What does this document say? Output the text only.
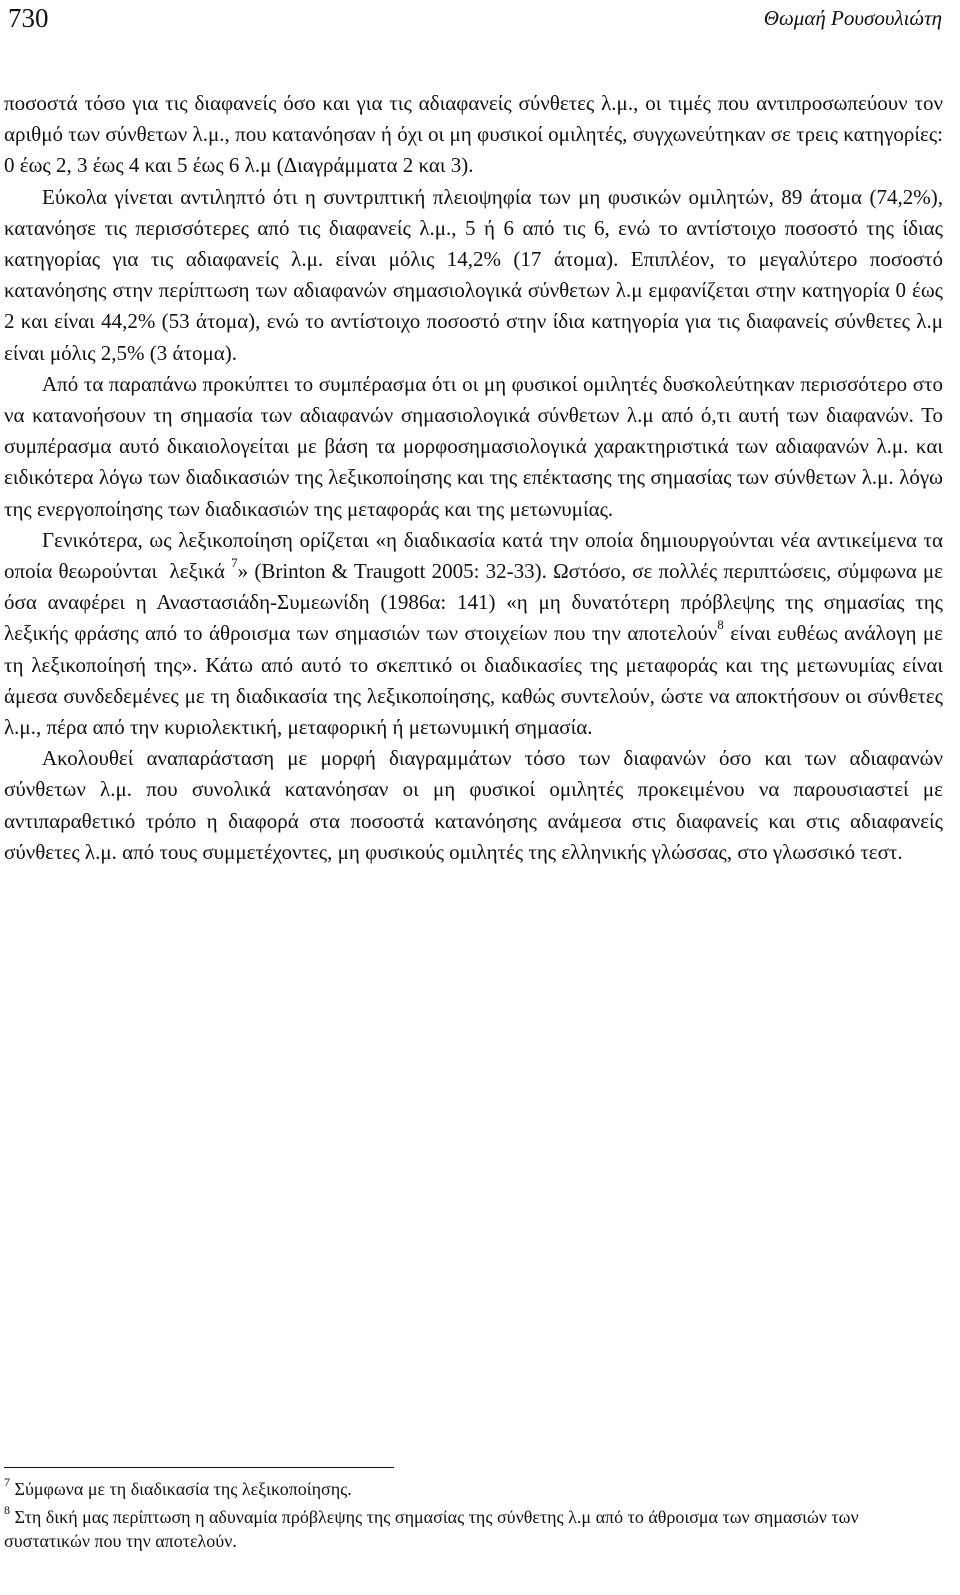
730	Θωμαή Ρουσουλιώτη

ποσοστά τόσο για τις διαφανείς όσο και για τις αδιαφανείς σύνθετες λ.μ., οι τιμές που αντιπροσωπεύουν τον αριθμό των σύνθετων λ.μ., που κατανόησαν ή όχι οι μη φυσικοί ομιλητές, συγχωνεύτηκαν σε τρεις κατηγορίες: 0 έως 2, 3 έως 4 και 5 έως 6 λ.μ (Διαγράμματα 2 και 3).

Εύκολα γίνεται αντιληπτό ότι η συντριπτική πλειοψηφία των μη φυσικών ομιλητών, 89 άτομα (74,2%), κατανόησε τις περισσότερες από τις διαφανείς λ.μ., 5 ή 6 από τις 6, ενώ το αντίστοιχο ποσοστό της ίδιας κατηγορίας για τις αδιαφανείς λ.μ. είναι μόλις 14,2% (17 άτομα). Επιπλέον, το μεγαλύτερο ποσοστό κατανόησης στην περίπτωση των αδιαφανών σημασιολογικά σύνθετων λ.μ εμφανίζεται στην κατηγορία 0 έως 2 και είναι 44,2% (53 άτομα), ενώ το αντίστοιχο ποσοστό στην ίδια κατηγορία για τις διαφανείς σύνθετες λ.μ είναι μόλις 2,5% (3 άτομα).

Από τα παραπάνω προκύπτει το συμπέρασμα ότι οι μη φυσικοί ομιλητές δυσκολεύτηκαν περισσότερο στο να κατανοήσουν τη σημασία των αδιαφανών σημασιολογικά σύνθετων λ.μ από ό,τι αυτή των διαφανών. Το συμπέρασμα αυτό δικαιολογείται με βάση τα μορφοσημασιολογικά χαρακτηριστικά των αδιαφανών λ.μ. και ειδικότερα λόγω των διαδικασιών της λεξικοποίησης και της επέκτασης της σημασίας των σύνθετων λ.μ. λόγω της ενεργοποίησης των διαδικασιών της μεταφοράς και της μετωνυμίας.

Γενικότερα, ως λεξικοποίηση ορίζεται «η διαδικασία κατά την οποία δημιουργούνται νέα αντικείμενα τα οποία θεωρούνται  λεξικά $^7$» (Brinton & Traugott 2005: 32-33). Ωστόσο, σε πολλές περιπτώσεις, σύμφωνα με όσα αναφέρει η Αναστασιάδη-Συμεωνίδη (1986α: 141) «η μη δυνατότερη πρόβλεψης της σημασίας της λεξικής φράσης από το άθροισμα των σημασιών των στοιχείων που την αποτελούν$^8$ είναι ευθέως ανάλογη με τη λεξικοποίησή της». Κάτω από αυτό το σκεπτικό οι διαδικασίες της μεταφοράς και της μετωνυμίας είναι άμεσα συνδεδεμένες με τη διαδικασία της λεξικοποίησης, καθώς συντελούν, ώστε να αποκτήσουν οι σύνθετες λ.μ., πέρα από την κυριολεκτική, μεταφορική ή μετωνυμική σημασία.

Ακολουθεί αναπαράσταση με μορφή διαγραμμάτων τόσο των διαφανών όσο και των αδιαφανών σύνθετων λ.μ. που συνολικά κατανόησαν οι μη φυσικοί ομιλητές προκειμένου να παρουσιαστεί με αντιπαραθετικό τρόπο η διαφορά στα ποσοστά κατανόησης ανάμεσα στις διαφανείς και στις αδιαφανείς σύνθετες λ.μ. από τους συμμετέχοντες, μη φυσικούς ομιλητές της ελληνικής γλώσσας, στο γλωσσικό τεστ.

$^7$ Σύμφωνα με τη διαδικασία της λεξικοποίησης.

$^8$ Στη δική μας περίπτωση η αδυναμία πρόβλεψης της σημασίας της σύνθετης λ.μ από το άθροισμα των σημασιών των συστατικών που την αποτελούν.
